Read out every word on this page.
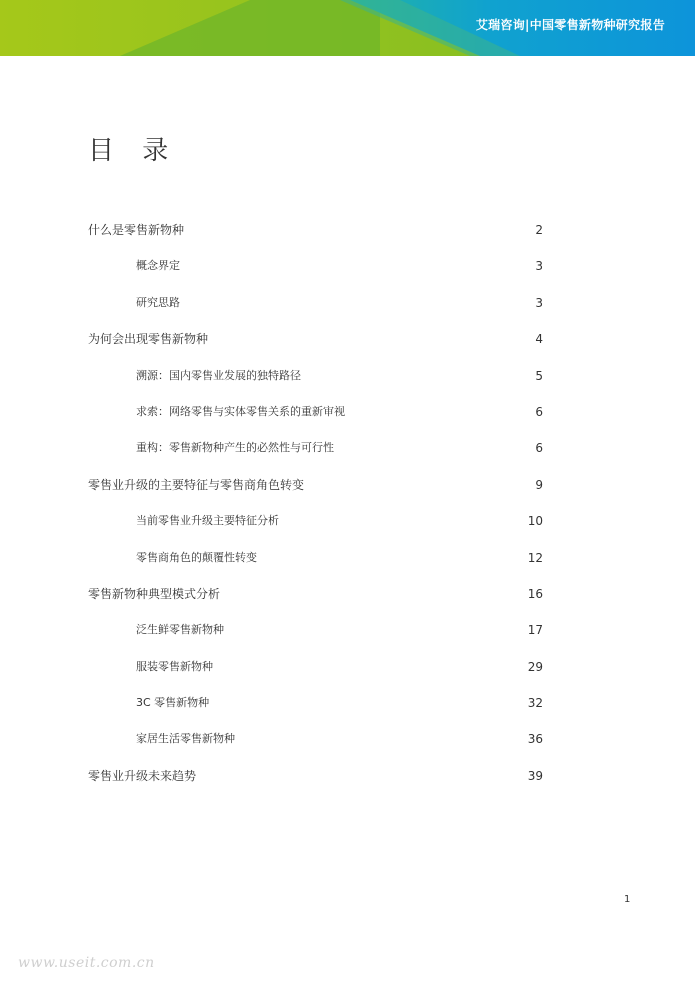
艾瑞咨询|中国零售新物种研究报告
目 录
什么是零售新物种	2
概念界定	3
研究思路	3
为何会出现零售新物种	4
溯源：国内零售业发展的独特路径	5
求索：网络零售与实体零售关系的重新审视	6
重构：零售新物种产生的必然性与可行性	6
零售业升级的主要特征与零售商角色转变	9
当前零售业升级主要特征分析	10
零售商角色的颠覆性转变	12
零售新物种典型模式分析	16
泛生鲜零售新物种	17
服装零售新物种	29
3C 零售新物种	32
家居生活零售新物种	36
零售业升级未来趋势	39
1
www.useit.com.cn
